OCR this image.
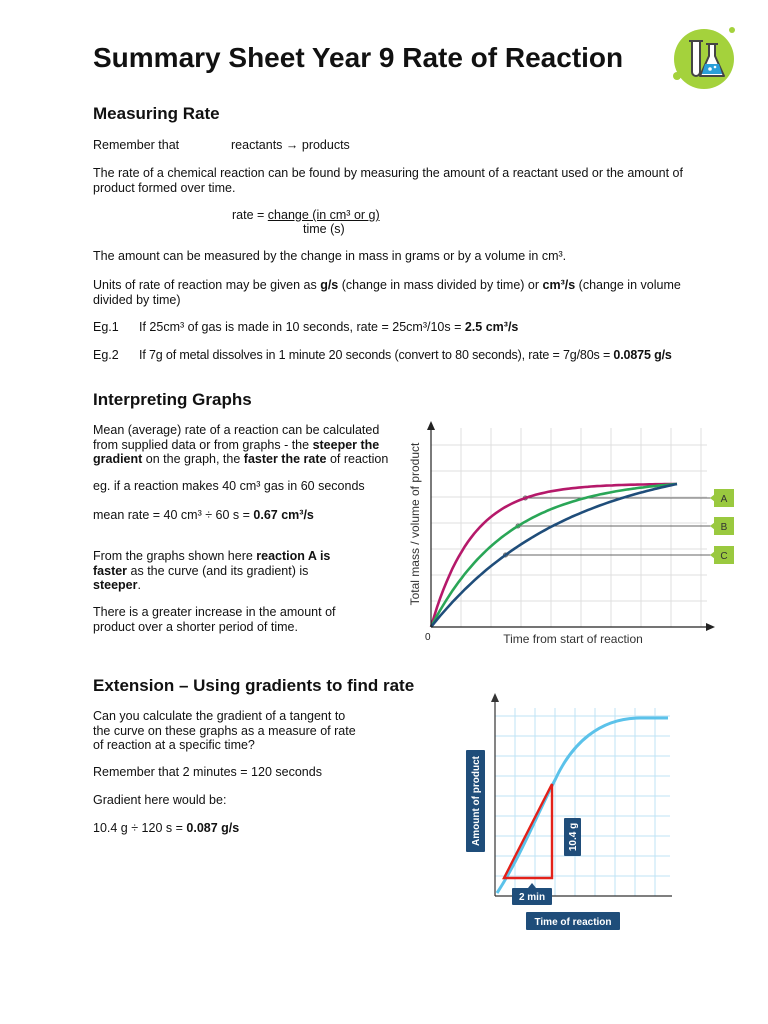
Summary Sheet Year 9 Rate of Reaction
Measuring Rate
Remember that	reactants → products
The rate of a chemical reaction can be found by measuring the amount of a reactant used or the amount of product formed over time.
rate = change (in cm³ or g)
time (s)
The amount can be measured by the change in mass in grams or by a volume in cm³.
Units of rate of reaction may be given as g/s (change in mass divided by time) or cm³/s (change in volume divided by time)
Eg.1 If 25cm³ of gas is made in 10 seconds, rate = 25cm³/10s = 2.5 cm³/s
Eg.2 If 7g of metal dissolves in 1 minute 20 seconds (convert to 80 seconds), rate = 7g/80s = 0.0875 g/s
Interpreting Graphs
Mean (average) rate of a reaction can be calculated from supplied data or from graphs - the steeper the gradient on the graph, the faster the rate of reaction
eg. if a reaction makes 40 cm³ gas in 60 seconds
mean rate = 40 cm³ ÷ 60 s = 0.67 cm³/s
From the graphs shown here reaction A is faster as the curve (and its gradient) is steeper.
There is a greater increase in the amount of product over a shorter period of time.
A
B
C
0	Time from start of reaction
Total mass / volume of product
Extension – Using gradients to find rate
Can you calculate the gradient of a tangent to the curve on these graphs as a measure of rate of reaction at a specific time?
Remember that 2 minutes = 120 seconds
Gradient here would be:
10.4 g ÷ 120 s = 0.087 g/s	10.4 g
2 min
Amount of product
Time of reaction
